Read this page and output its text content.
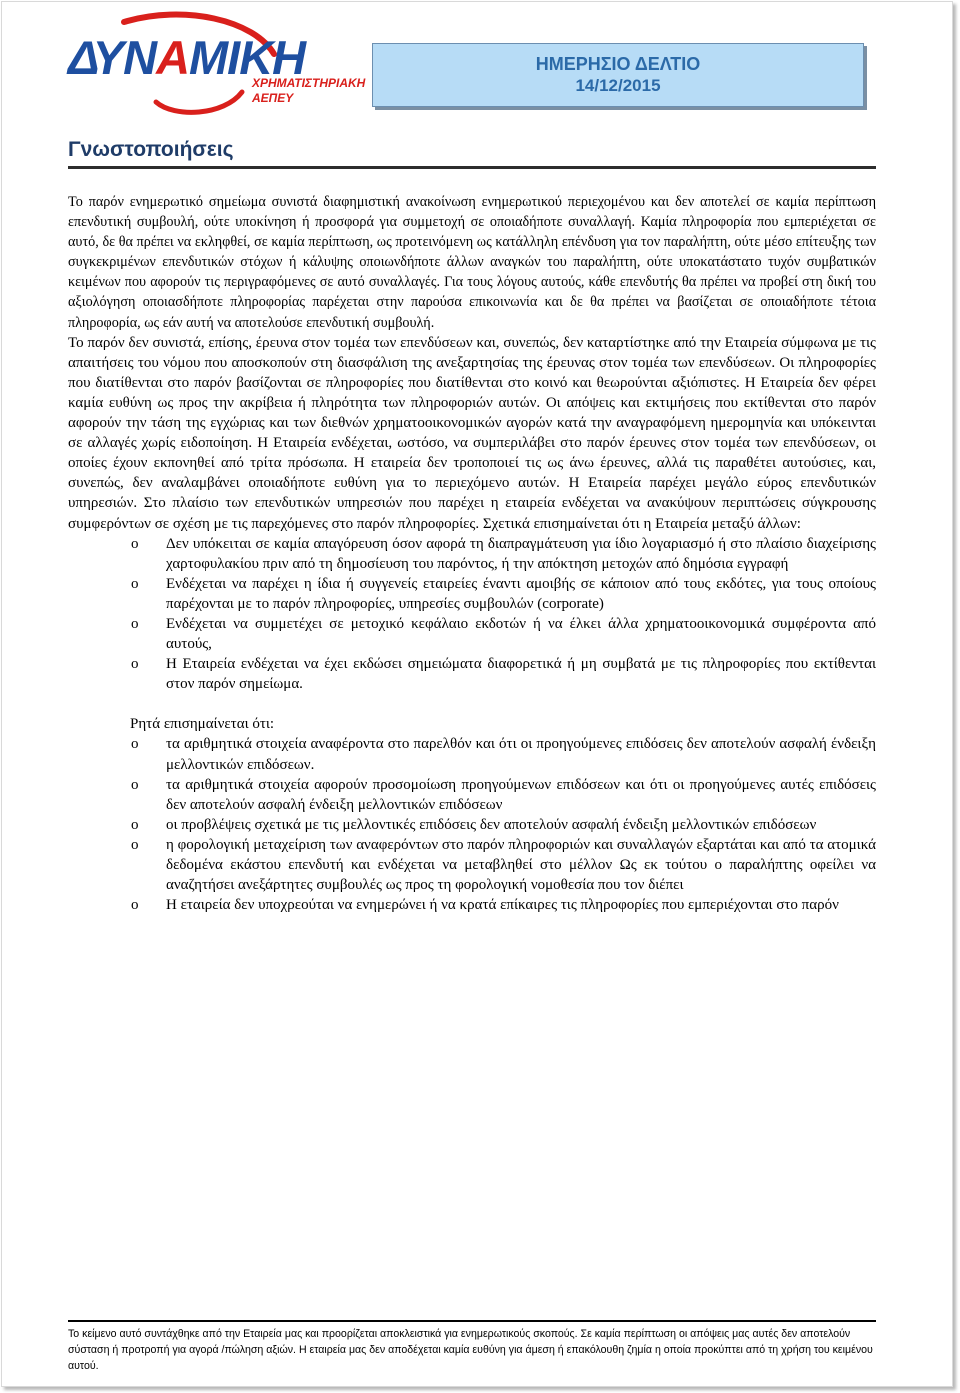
ΔΥΝΑΜΙΚΗ
ΧΡΗΜΑΤΙΣΤΗΡΙΑΚΗ
ΑΕΠΕΥ
ΗΜΕΡΗΣΙΟ ΔΕΛΤΙΟ
14/12/2015
Γνωστοποιήσεις

Το παρόν ενημερωτικό σημείωμα συνιστά διαφημιστική ανακοίνωση ενημερωτικού περιεχομένου και δεν αποτελεί σε καμία περίπτωση επενδυτική συμβουλή, ούτε υποκίνηση ή προσφορά για συμμετοχή σε οποιαδήποτε συναλλαγή. Καμία πληροφορία που εμπεριέχεται σε αυτό, δε θα πρέπει να εκληφθεί, σε καμία περίπτωση, ως προτεινόμενη ως κατάλληλη επένδυση για τον παραλήπτη, ούτε μέσο επίτευξης των συγκεκριμένων επενδυτικών στόχων ή κάλυψης οποιωνδήποτε άλλων αναγκών του παραλήπτη, ούτε υποκατάστατο τυχόν συμβατικών κειμένων που αφορούν τις περιγραφόμενες σε αυτό συναλλαγές. Για τους λόγους αυτούς, κάθε επενδυτής θα πρέπει να προβεί στη δική του αξιολόγηση οποιασδήποτε πληροφορίας παρέχεται στην παρούσα επικοινωνία και δε θα πρέπει να βασίζεται σε οποιαδήποτε τέτοια πληροφορία, ως εάν αυτή να αποτελούσε επενδυτική συμβουλή.

Το παρόν δεν συνιστά, επίσης, έρευνα στον τομέα των επενδύσεων και, συνεπώς, δεν καταρτίστηκε από την Εταιρεία σύμφωνα με τις απαιτήσεις του νόμου που αποσκοπούν στη διασφάλιση της ανεξαρτησίας της έρευνας στον τομέα των επενδύσεων. Οι πληροφορίες που διατίθενται στο παρόν βασίζονται σε πληροφορίες που διατίθενται στο κοινό και θεωρούνται αξιόπιστες. Η Εταιρεία δεν φέρει καμία ευθύνη ως προς την ακρίβεια ή πληρότητα των πληροφοριών αυτών. Οι απόψεις και εκτιμήσεις που εκτίθενται στο παρόν αφορούν την τάση της εγχώριας και των διεθνών χρηματοοικονομικών αγορών κατά την αναγραφόμενη ημερομηνία και υπόκεινται σε αλλαγές χωρίς ειδοποίηση. Η Εταιρεία ενδέχεται, ωστόσο, να συμπεριλάβει στο παρόν έρευνες στον τομέα των επενδύσεων, οι οποίες έχουν εκπονηθεί από τρίτα πρόσωπα. Η εταιρεία δεν τροποποιεί τις ως άνω έρευνες, αλλά τις παραθέτει αυτούσιες, και, συνεπώς, δεν αναλαμβάνει οποιαδήποτε ευθύνη για το περιεχόμενο αυτών. Η Εταιρεία παρέχει μεγάλο εύρος επενδυτικών υπηρεσιών. Στο πλαίσιο των επενδυτικών υπηρεσιών που παρέχει η εταιρεία ενδέχεται να ανακύψουν περιπτώσεις σύγκρουσης συμφερόντων σε σχέση με τις παρεχόμενες στο παρόν πληροφορίες. Σχετικά επισημαίνεται ότι η Εταιρεία μεταξύ άλλων:

o Δεν υπόκειται σε καμία απαγόρευση όσον αφορά τη διαπραγμάτευση για ίδιο λογαριασμό ή στο πλαίσιο διαχείρισης χαρτοφυλακίου πριν από τη δημοσίευση του παρόντος, ή την απόκτηση μετοχών από δημόσια εγγραφή
o Ενδέχεται να παρέχει η ίδια ή συγγενείς εταιρείες έναντι αμοιβής σε κάποιον από τους εκδότες, για τους οποίους παρέχονται με το παρόν πληροφορίες, υπηρεσίες συμβουλών (corporate)
o Ενδέχεται να συμμετέχει σε μετοχικό κεφάλαιο εκδοτών ή να έλκει άλλα χρηματοοικονομικά συμφέροντα από αυτούς,
o Η Εταιρεία ενδέχεται να έχει εκδώσει σημειώματα διαφορετικά ή μη συμβατά με τις πληροφορίες που εκτίθενται στον παρόν σημείωμα.

Ρητά επισημαίνεται ότι:

o τα αριθμητικά στοιχεία αναφέροντα στο παρελθόν και ότι οι προηγούμενες επιδόσεις δεν αποτελούν ασφαλή ένδειξη μελλοντικών επιδόσεων.
o τα αριθμητικά στοιχεία αφορούν προσομοίωση προηγούμενων επιδόσεων και ότι οι προηγούμενες αυτές επιδόσεις δεν αποτελούν ασφαλή ένδειξη μελλοντικών επιδόσεων
o οι προβλέψεις σχετικά με τις μελλοντικές επιδόσεις δεν αποτελούν ασφαλή ένδειξη μελλοντικών επιδόσεων
o η φορολογική μεταχείριση των αναφερόντων στο παρόν πληροφοριών και συναλλαγών εξαρτάται και από τα ατομικά δεδομένα εκάστου επενδυτή και ενδέχεται να μεταβληθεί στο μέλλον Ως εκ τούτου ο παραλήπτης οφείλει να αναζητήσει ανεξάρτητες συμβουλές ως προς τη φορολογική νομοθεσία που τον διέπει
o Η εταιρεία δεν υποχρεούται να ενημερώνει ή να κρατά επίκαιρες τις πληροφορίες που εμπεριέχονται στο παρόν
Το κείμενο αυτό συντάχθηκε από την Εταιρεία μας και προορίζεται αποκλειστικά για ενημερωτικούς σκοπούς. Σε καμία περίπτωση οι απόψεις μας αυτές δεν αποτελούν σύσταση ή προτροπή για αγορά /πώληση αξιών. Η εταιρεία μας δεν αποδέχεται καμία ευθύνη για άμεση ή επακόλουθη ζημία η οποία προκύπτει από τη χρήση του κειμένου αυτού.
